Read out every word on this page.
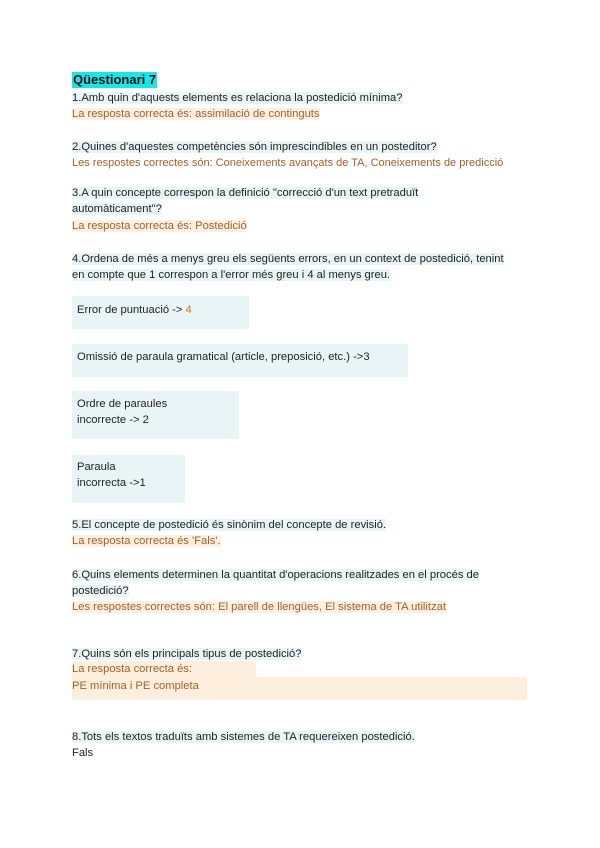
Qüestionari 7
1.Amb quin d'aquests elements es relaciona la postedició mínima?
La resposta correcta és: assimilació de continguts
2.Quines d'aquestes competències són imprescindibles en un posteditor?
Les respostes correctes són: Coneixements avançats de TA, Coneixements de predicció
3.A quin concepte correspon la definició "correcció d'un text pretraduït
automàticament"?
La resposta correcta és: Postedició
4.Ordena de més a menys greu els següents errors, en un context de postedició, tenint
en compte que 1 correspon a l'error més greu i 4 al menys greu.
Error de puntuació -> 4
Omissió de paraula gramatical (article, preposició, etc.) ->3
Ordre de paraules
incorrecte -> 2
Paraula
incorrecta ->1
5.El concepte de postedició és sinònim del concepte de revisió.
La resposta correcta és 'Fals'.
6.Quins elements determinen la quantitat d'operacions realitzades en el procés de
postedició?
Les respostes correctes són: El parell de llengües, El sistema de TA utilitzat
7.Quins són els principals tipus de postedició?
La resposta correcta és:
PE mínima i PE completa
8.Tots els textos traduïts amb sistemes de TA requereixen postedició.
Fals
